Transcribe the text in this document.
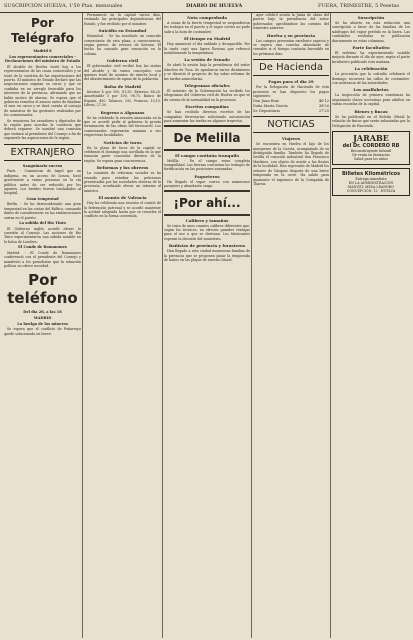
SUSCRIPCIÓN HUELVA, 1'50 Ptas. mensuales	DIARIO DE HUELVA	FUERA, TRIMESTRE, 5 Pesetas
Por Telégrafo
Madrid 8
Los representantes comerciales - Declaraciones del ministro de Estado
El alcalde de Huelva visitó hoy a los representantes de las casas comerciales y se trató de la cuestión de las exportaciones del puerto. El ministro de Estado declaró que las negociaciones seguían su curso y que se confiaba en un arreglo favorable para los intereses de la provincia, afirmando que no había motivo de alarma. Se espera que el gobierno resuelva el asunto antes de finalizar el mes en curso y se dará cuenta al consejo de ministros de las gestiones realizadas por los comisionados.
Se reunieron los senadores y diputados de la región para acordar la conducta que deberá seguirse. Se nombró una comisión que visitará al presidente del Consejo a fin de exponerle las aspiraciones de la región.
EXTRANJERO
Sanguinario suceso
París. - Comunican de Argel que un indígena, en un acceso de locura, hirió gravemente a varias personas en la vía pública antes de ser reducido por los agentes. Los heridos fueron trasladados al hospital.
Gran tempestad
Berlín. - Se ha desencadenado una gran tempestad en las costas del Báltico, causando daños de consideración en las embarcaciones surtas en el puerto.
La subida del Rio Tinto
El Gobierno inglés acordó elevar la cuestión al Consejo. Las acciones de Rio Tinto experimentaron una subida notable en la bolsa de Londres.
El Conde de Romanones
Madrid. - El Conde de Romanones conferenció con el presidente del Consejo y manifestó a los periodistas que la situación política no ofrece novedad.
Por teléfono
Del día 28, a las 18
MADRID
La huelga de los mineros
Se espera que el conflicto de Peñarroya quede solucionado en breve.
Permaneció en la capital varios días, visitando las principales dependencias del Estado, y fue recibido por el ministro.
Suicidio en Estambul
Estambul. - Se ha suicidado un conocido comerciante de esta plaza, a consecuencia, según parece, de reveses de fortuna. El hecho ha causado gran sensación en la colonia.
Gobierno civil
El gobernador civil recibió hoy las visitas del alcalde y de varios concejales, con quienes trató de asuntos de interés local y del abastecimiento de aguas de la población.
Bolsa de Madrid
Interior 4 por 100, 81,50. Exterior, 88,20. Amortizable 5 por 100, 98,75. Banco de España, 450. Tabacos, 292. Francos, 10,15. Libras, 27,30.
Regreso a Alguazas
Se ha celebrado la reunión anunciada en la que se acordó pedir al gobierno la pronta terminación de las obras del ferrocarril. Los comisionados regresarán mañana a sus respectivas localidades.
Noticias de toros
En la plaza de toros de la capital se celebrará el domingo una novillada en la que tomarán parte conocidos diestros de la región. Se espera gran concurrencia.
Reformas y los obreros
La comisión de reformas sociales se ha reunido para estudiar las peticiones presentadas por las sociedades obreras de la provincia, acordando elevar un informe al ministro.
El asunto de Valencia
Hoy ha celebrado una reunión el comité de la federación patronal y se acordó mantener la actitud adoptada hasta que se resuelva el conflicto en la forma convenida.
Nota comprobada
A causa de la fuerte tempestad se suspendieron los trabajos en el puerto y el vapor correo no pudo salir a la hora de costumbre.
El tiempo en Madrid
Hoy amaneció el día nublado y desapacible. Por la tarde cayó una ligera llovizna que refrescó notablemente la temperatura.
La sesión de Senado
Se abrió la sesión bajo la presidencia del señor Sánchez de Toca. Se aprobaron varios dictámenes y se discutió el proyecto de ley sobre reforma de las tarifas arancelarias.
Telegramas oficiales
El ministro de la Gobernación ha recibido los telegramas del Gobierno civil de Huelva en que se da cuenta de la normalidad en la provincia.
Escritos compañías
Se han recibido diversos escritos de las compañías ferroviarias solicitando autorización para aumentar las tarifas en algunos trayectos.
De Melilla
El campo continúa tranquilo
Melilla. - En el campo reina completa tranquilidad. Las fuerzas continúan los trabajos de fortificación en las posiciones avanzadas.
Paqueteros
Ha llegado el vapor correo con numerosos pasajeros y abundante carga.
¡Por ahí...
Calibres y tamaños
Se trata de unos cuantos calibres diferentes que, según los técnicos, no ofrecen grandes ventajas para el uso a que se destinan. Los fabricantes esperan la decisión del ministerio.
Bañistas de provincia y forasteros
Han llegado a esta ciudad numerosas familias de la provincia que se proponen pasar la temporada de baños en las playas de nuestro litoral.
Ayer celebró sesión la Junta de obras del puerto bajo la presidencia del señor gobernador, aprobándose las cuentas del trimestre anterior.
Huelva y su provincia
Los campos presentan excelente aspecto y se espera una cosecha abundante de cereales si el tiempo continúa favorable en los próximos días.
De Hacienda
Pagos para el día 29
Por la Delegación de Hacienda de esta provincia se han dispuesto los pagos siguientes:
Don Juan Ruiz	46'12
Doña María García	38'50
Sr. Depositario	27'25
NOTICIAS
Viajeros
Se encuentra en Huelva el hijo de los marqueses de la Cuesta, acompañado de su distinguida familia. También ha llegado de Sevilla el conocido industrial don Francisco Martínez, con objeto de asistir a las fiestas de la localidad. Han regresado de Madrid los señores de Vázquez después de una breve temporada en la corte. Ha salido para Ayamonte el ingeniero de la Compañía de Tharsis.
Suscripción
Se ha abierto en esta redacción una suscripción a favor de las familias de los náufragos del vapor perdido en la barra. Las cantidades recibidas se publicarán diariamente en estas columnas.
Parte facultativo
El enfermo ha experimentado notable mejoría durante el día de ayer, según el parte facultativo publicado esta mañana.
La celebración
La procesión que la cofradía celebrará el domingo recorrerá las calles de costumbre, con asistencia de las autoridades.
Los analfabetos
La inspección de primera enseñanza ha organizado clases nocturnas para adultos en varias escuelas de la capital.
Bienes y fincas
Se ha publicado en el Boletín Oficial la relación de fincas que serán subastadas por la Delegación de Hacienda.
JARABE
del Dr. CORDERO RB
Reconstituyente Infantil
De venta en farmacias
Salud para los niños
Billetes Kilométricos
Entrega inmediata
EN LA ADMINISTRACIÓN
MANUEL MESA LEANDRO
CONCEPCIÓN, 12 - HUELVA
